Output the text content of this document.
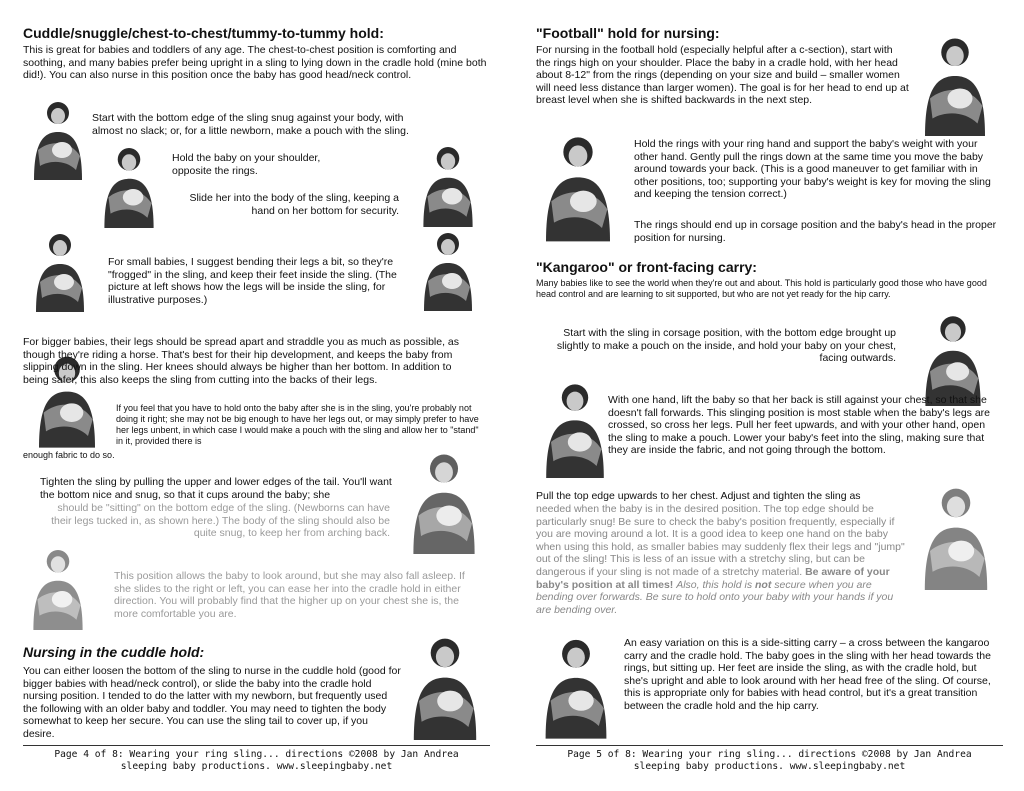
Cuddle/snuggle/chest-to-chest/tummy-to-tummy hold:

This is great for babies and toddlers of any age. The chest-to-chest position is comforting and soothing, and many babies prefer being upright in a sling to lying down in the cradle hold (mine both did!). You can also nurse in this position once the baby has good head/neck control.

Start with the bottom edge of the sling snug against your body, with almost no slack; or, for a little newborn, make a pouch with the sling.

Hold the baby on your shoulder, opposite the rings.

Slide her into the body of the sling, keeping a hand on her bottom for security.

For small babies, I suggest bending their legs a bit, so they're "frogged" in the sling, and keep their feet inside the sling. (The picture at left shows how the legs will be inside the sling, for illustrative purposes.)

For bigger babies, their legs should be spread apart and straddle you as much as possible, as though they're riding a horse. That's best for their hip development, and keeps the baby from slipping down in the sling. Her knees should always be higher than her bottom. In addition to being safer, this also keeps the sling from cutting into the backs of their legs.

If you feel that you have to hold onto the baby after she is in the sling, you're probably not doing it right; she may not be big enough to have her legs out, or may simply prefer to have her legs unbent, in which case I would make a pouch with the sling and allow her to "stand" in it, provided there is

enough fabric to do so.

Tighten the sling by pulling the upper and lower edges of the tail. You'll want the bottom nice and snug, so that it cups around the baby; she

should be "sitting" on the bottom edge of the sling. (Newborns can have their legs tucked in, as shown here.) The body of the sling should also be quite snug, to keep her from arching back.

This position allows the baby to look around, but she may also fall asleep. If she slides to the right or left, you can ease her into the cradle hold in either direction. You will probably find that the higher up on your chest she is, the more comfortable you are.

Nursing in the cuddle hold:

You can either loosen the bottom of the sling to nurse in the cuddle hold (good for bigger babies with head/neck control), or slide the baby into the cradle hold nursing position. I tended to do the latter with my newborn, but frequently used the following with an older baby and toddler. You may need to tighten the body somewhat to keep her secure. You can use the sling tail to cover up, if you desire.

Page 4 of 8: Wearing your ring sling... directions ©2008 by Jan Andrea
sleeping baby productions. www.sleepingbaby.net
"Football" hold for nursing:

For nursing in the football hold (especially helpful after a c-section), start with the rings high on your shoulder. Place the baby in a cradle hold, with her head about 8-12" from the rings (depending on your size and build – smaller women will need less distance than larger women). The goal is for her head to end up at breast level when she is shifted backwards in the next step.

Hold the rings with your ring hand and support the baby's weight with your other hand. Gently pull the rings down at the same time you move the baby around towards your back. (This is a good maneuver to get familiar with in other positions, too; supporting your baby's weight is key for moving the sling and keeping the tension correct.)

The rings should end up in corsage position and the baby's head in the proper position for nursing.

"Kangaroo" or front-facing carry:

Many babies like to see the world when they're out and about. This hold is particularly good those who have good head control and are learning to sit supported, but who are not yet ready for the hip carry.

Start with the sling in corsage position, with the bottom edge brought up slightly to make a pouch on the inside, and hold your baby on your chest, facing outwards.

With one hand, lift the baby so that her back is still against your chest, so that she doesn't fall forwards. This slinging position is most stable when the baby's legs are crossed, so cross her legs. Pull her feet upwards, and with your other hand, open the sling to make a pouch. Lower your baby's feet into the sling, making sure that they are inside the fabric, and not going through the bottom.

Pull the top edge upwards to her chest. Adjust and tighten the sling as

needed when the baby is in the desired position. The top edge should be particularly snug! Be sure to check the baby's position frequently, especially if you are moving around a lot. It is a good idea to keep one hand on the baby when using this hold, as smaller babies may suddenly flex their legs and "jump" out of the sling! This is less of an issue with a stretchy sling, but can be dangerous if your sling is not made of a stretchy material. Be aware of your baby's position at all times! Also, this hold is not secure when you are bending over forwards. Be sure to hold onto your baby with your hands if you are bending over.

An easy variation on this is a side-sitting carry – a cross between the kangaroo carry and the cradle hold. The baby goes in the sling with her head towards the rings, but sitting up. Her feet are inside the sling, as with the cradle hold, but she's upright and able to look around with her head free of the sling. Of course, this is appropriate only for babies with head control, but it's a great transition between the cradle hold and the hip carry.

Page 5 of 8: Wearing your ring sling... directions ©2008 by Jan Andrea
sleeping baby productions. www.sleepingbaby.net
